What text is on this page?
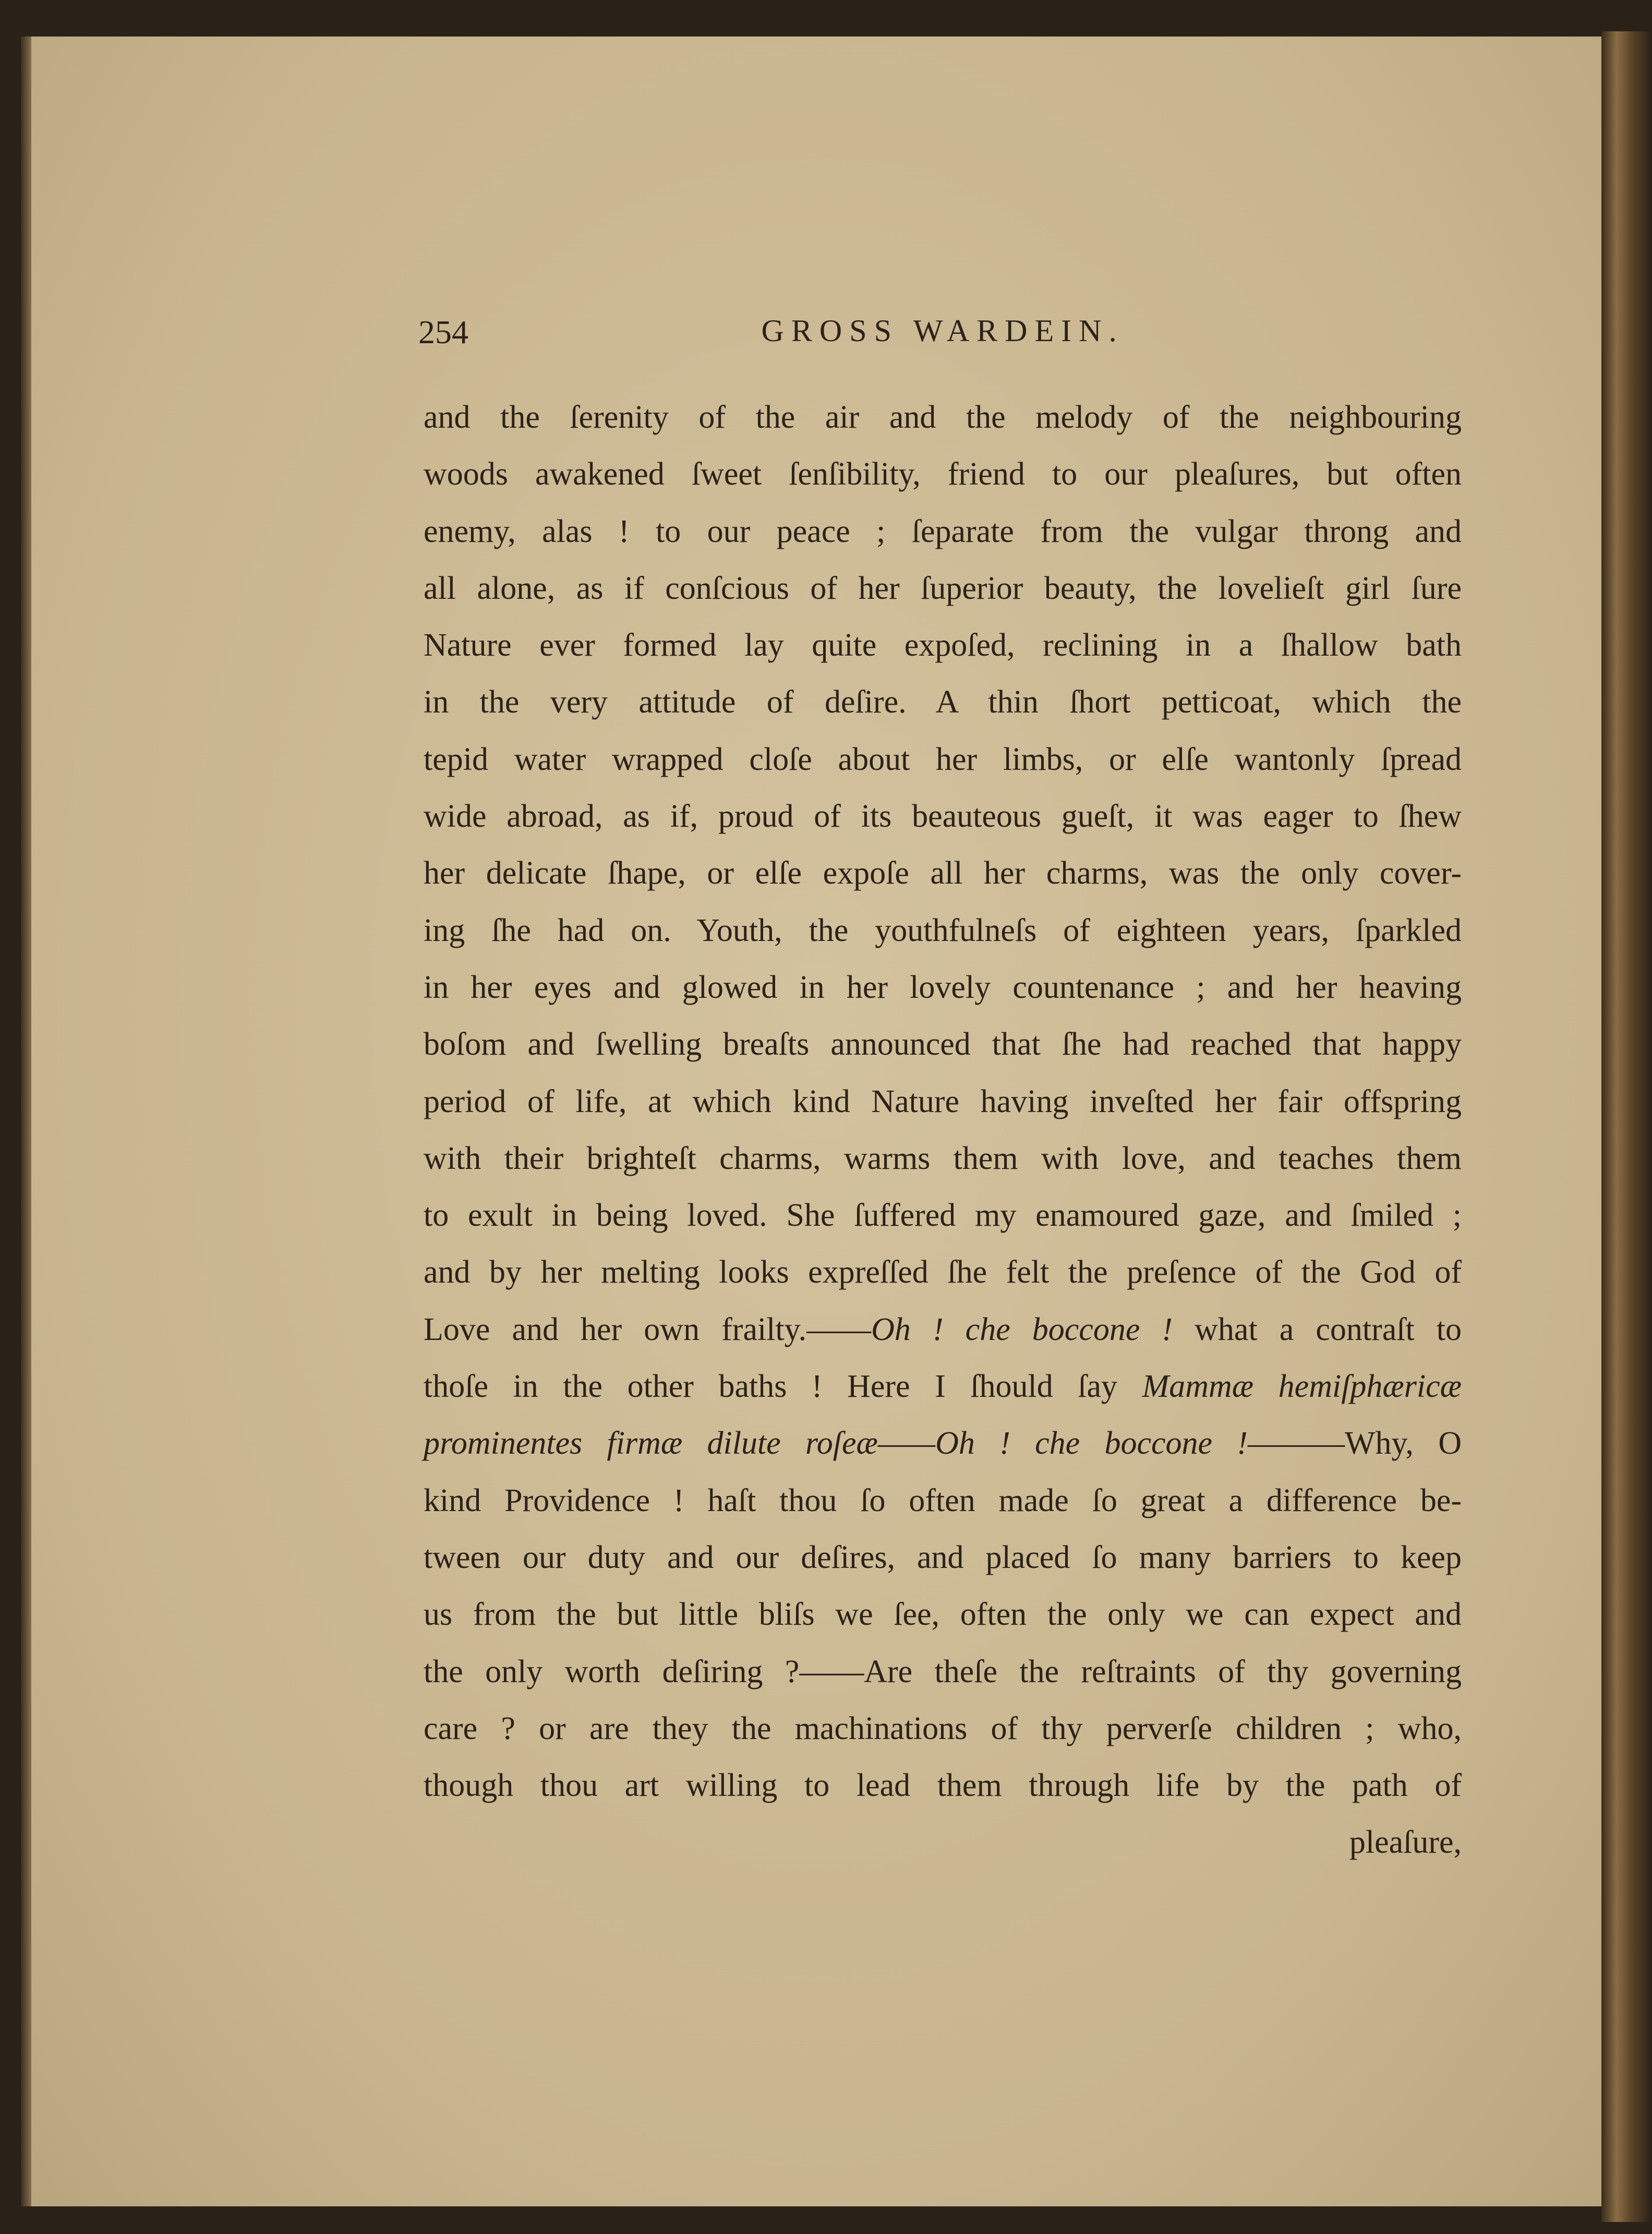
254	GROSS WARDEIN.
and the ſerenity of the air and the melody of the neighbouring
woods awakened ſweet ſenſibility, friend to our pleaſures, but often
enemy, alas ! to our peace ; ſeparate from the vulgar throng and
all alone, as if conſcious of her ſuperior beauty, the lovelieſt girl ſure
Nature ever formed lay quite expoſed, reclining in a ſhallow bath
in the very attitude of deſire. A thin ſhort petticoat, which the
tepid water wrapped cloſe about her limbs, or elſe wantonly ſpread
wide abroad, as if, proud of its beauteous gueſt, it was eager to ſhew
her delicate ſhape, or elſe expoſe all her charms, was the only cover-
ing ſhe had on. Youth, the youthfulneſs of eighteen years, ſparkled
in her eyes and glowed in her lovely countenance ; and her heaving
boſom and ſwelling breaſts announced that ſhe had reached that happy
period of life, at which kind Nature having inveſted her fair offspring
with their brighteſt charms, warms them with love, and teaches them
to exult in being loved. She ſuffered my enamoured gaze, and ſmiled ;
and by her melting looks expreſſed ſhe felt the preſence of the God of
Love and her own frailty.——Oh ! che boccone ! what a contraſt to
thoſe in the other baths ! Here I ſhould ſay Mammæ hemiſphæricæ
prominentes firmæ dilute roſeæ——Oh ! che boccone !———Why, O
kind Providence ! haſt thou ſo often made ſo great a difference be-
tween our duty and our deſires, and placed ſo many barriers to keep
us from the but little bliſs we ſee, often the only we can expect and
the only worth deſiring ?——Are theſe the reſtraints of thy governing
care ? or are they the machinations of thy perverſe children ; who,
though thou art willing to lead them through life by the path of
pleaſure,
